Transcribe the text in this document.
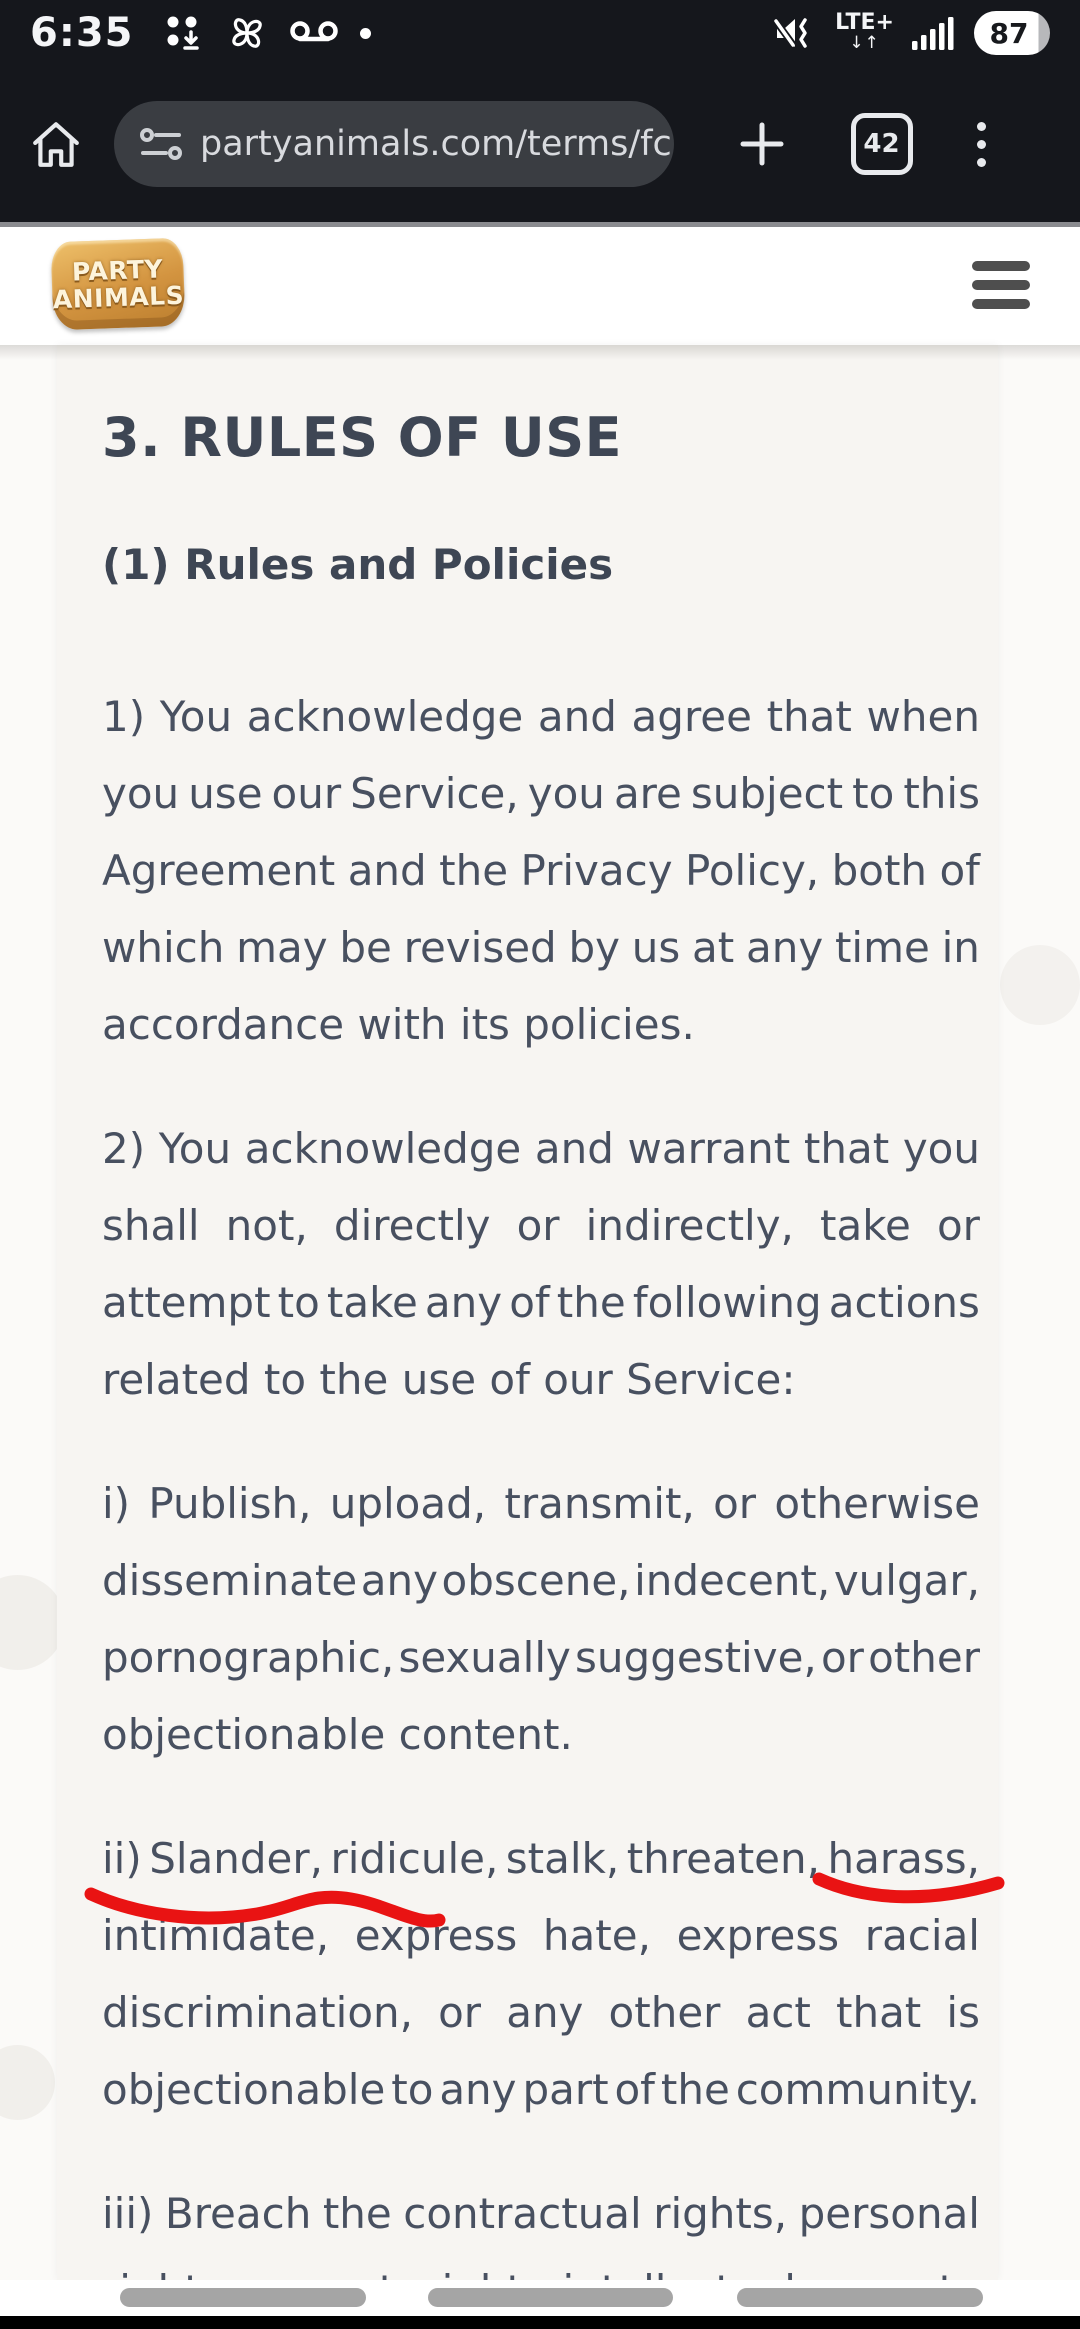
6:35	LTE+
↓↑	87
partyanimals.com/terms/fc	42
PARTY
ANIMALS
3. RULES OF USE
(1) Rules and Policies
1) You acknowledge and agree that when
you use our Service, you are subject to this
Agreement and the Privacy Policy, both of
which may be revised by us at any time in
accordance with its policies.
2) You acknowledge and warrant that you
shall not, directly or indirectly, take or
attempt to take any of the following actions
related to the use of our Service:
i) Publish, upload, transmit, or otherwise
disseminate any obscene, indecent, vulgar,
pornographic, sexually suggestive, or other
objectionable content.
ii) Slander, ridicule, stalk, threaten, harass,
intimidate, express hate, express racial
discrimination, or any other act that is
objectionable to any part of the community.
iii) Breach the contractual rights, personal
